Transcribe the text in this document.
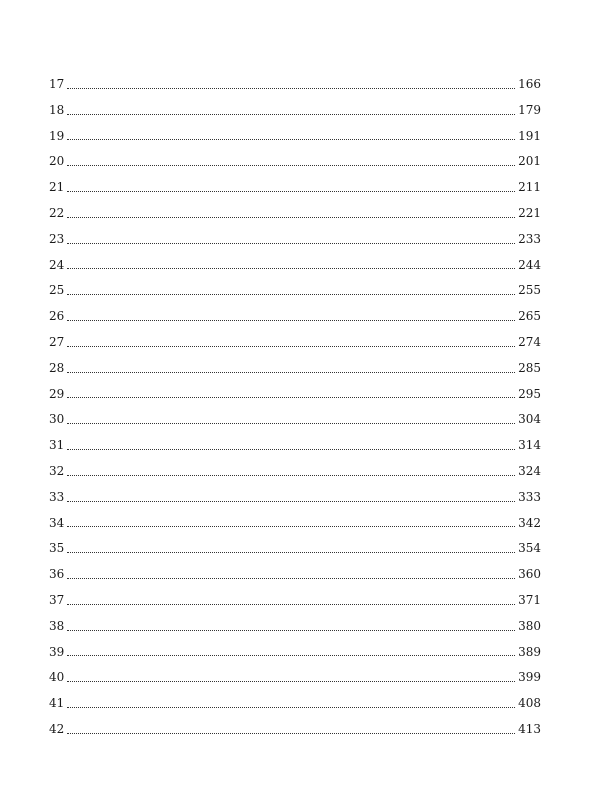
17	166
18	179
19	191
20	201
21	211
22	221
23	233
24	244
25	255
26	265
27	274
28	285
29	295
30	304
31	314
32	324
33	333
34	342
35	354
36	360
37	371
38	380
39	389
40	399
41	408
42	413
